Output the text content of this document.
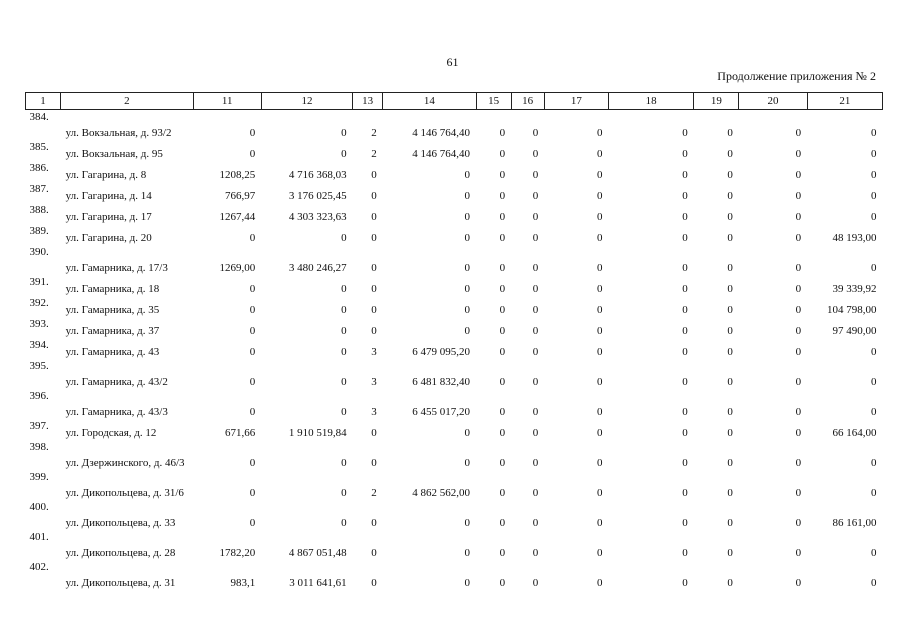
61
Продолжение приложения № 2
1	2	11	12	13	14	15	16	17	18	19	20	21
384.	ул. Вокзальная, д. 93/2	0	0	2	4 146 764,40	0	0	0	0	0	0	0
385.	ул. Вокзальная, д. 95	0	0	2	4 146 764,40	0	0	0	0	0	0	0
386.	ул. Гагарина, д. 8	1208,25	4 716 368,03	0	0	0	0	0	0	0	0	0
387.	ул. Гагарина, д. 14	766,97	3 176 025,45	0	0	0	0	0	0	0	0	0
388.	ул. Гагарина, д. 17	1267,44	4 303 323,63	0	0	0	0	0	0	0	0	0
389.	ул. Гагарина, д. 20	0	0	0	0	0	0	0	0	0	0	48 193,00
390.	ул. Гамарника, д. 17/3	1269,00	3 480 246,27	0	0	0	0	0	0	0	0	0
391.	ул. Гамарника, д. 18	0	0	0	0	0	0	0	0	0	0	39 339,92
392.	ул. Гамарника, д. 35	0	0	0	0	0	0	0	0	0	0	104 798,00
393.	ул. Гамарника, д. 37	0	0	0	0	0	0	0	0	0	0	97 490,00
394.	ул. Гамарника, д. 43	0	0	3	6 479 095,20	0	0	0	0	0	0	0
395.	ул. Гамарника, д. 43/2	0	0	3	6 481 832,40	0	0	0	0	0	0	0
396.	ул. Гамарника, д. 43/3	0	0	3	6 455 017,20	0	0	0	0	0	0	0
397.	ул. Городская, д. 12	671,66	1 910 519,84	0	0	0	0	0	0	0	0	66 164,00
398.	ул. Дзержинского, д. 46/3	0	0	0	0	0	0	0	0	0	0	0
399.	ул. Дикопольцева, д. 31/6	0	0	2	4 862 562,00	0	0	0	0	0	0	0
400.	ул. Дикопольцева, д. 33	0	0	0	0	0	0	0	0	0	0	86 161,00
401.	ул. Дикопольцева, д. 28	1782,20	4 867 051,48	0	0	0	0	0	0	0	0	0
402.	ул. Дикопольцева, д. 31	983,1	3 011 641,61	0	0	0	0	0	0	0	0	0
